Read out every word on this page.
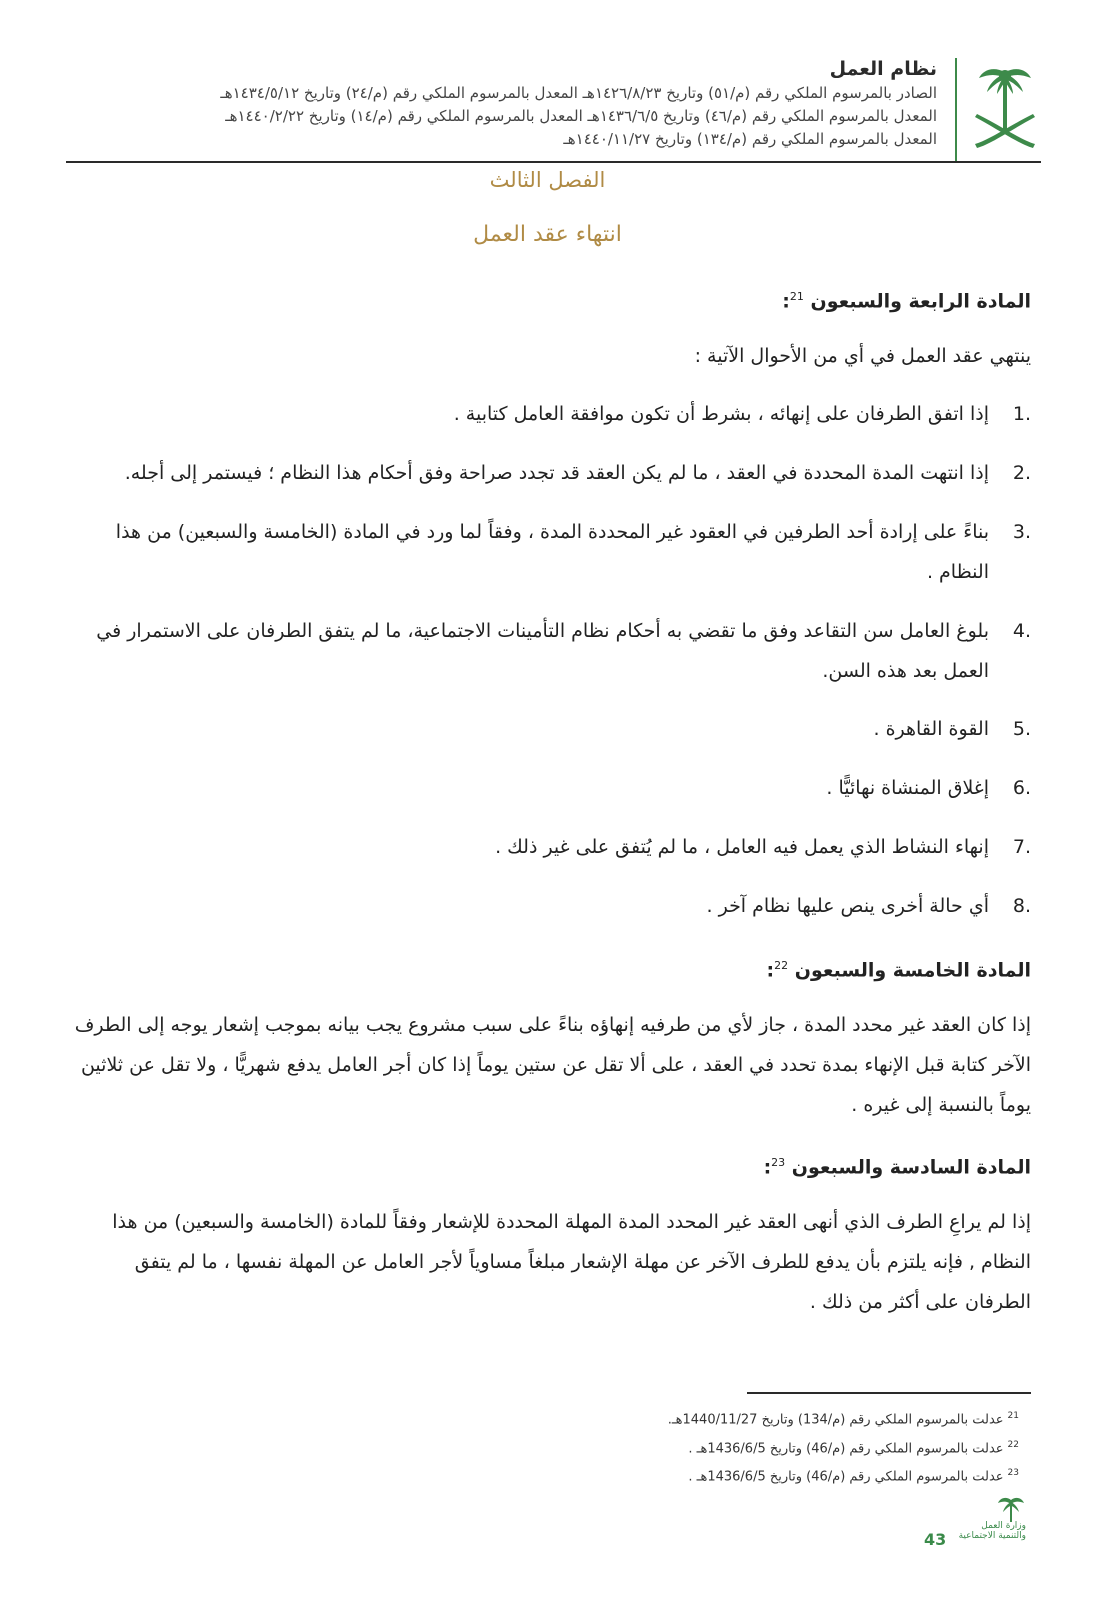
نظام العمل
الصادر بالمرسوم الملكي رقم (م/٥١) وتاريخ ١٤٢٦/٨/٢٣هـ المعدل بالمرسوم الملكي رقم (م/٢٤) وتاريخ ١٤٣٤/٥/١٢هـ
المعدل بالمرسوم الملكي رقم (م/٤٦) وتاريخ ١٤٣٦/٦/٥هـ المعدل بالمرسوم الملكي رقم (م/١٤) وتاريخ ١٤٤٠/٢/٢٢هـ
المعدل بالمرسوم الملكي رقم (م/١٣٤) وتاريخ ١٤٤٠/١١/٢٧هـ
الفصل الثالث
انتهاء عقد العمل
المادة الرابعة والسبعون $^{21}$:
ينتهي عقد العمل في أي من الأحوال الآتية :
1.
إذا اتفق الطرفان على إنهائه ، بشرط أن تكون موافقة العامل كتابية .
2.
إذا انتهت المدة المحددة في العقد ، ما لم يكن العقد قد تجدد صراحة وفق أحكام هذا النظام ؛ فيستمر إلى أجله.
3.
بناءً على إرادة أحد الطرفين في العقود غير المحددة المدة ، وفقاً لما ورد في المادة (الخامسة والسبعين) من هذا النظام .
4.
بلوغ العامل سن التقاعد وفق ما تقضي به أحكام نظام التأمينات الاجتماعية، ما لم يتفق الطرفان على الاستمرار في العمل بعد هذه السن.
5.
القوة القاهرة .
6.
إغلاق المنشاة نهائيًّا .
7.
إنهاء النشاط الذي يعمل فيه العامل ، ما لم يُتفق على غير ذلك .
8.
أي حالة أخرى ينص عليها نظام آخر .
المادة الخامسة والسبعون $^{22}$:
إذا كان العقد غير محدد المدة ، جاز لأي من طرفيه إنهاؤه بناءً على سبب مشروع يجب بيانه بموجب إشعار يوجه إلى الطرف الآخر كتابة قبل الإنهاء بمدة تحدد في العقد ، على ألا تقل عن ستين يوماً إذا كان أجر العامل يدفع شهريًّا ، ولا تقل عن ثلاثين يوماً بالنسبة إلى غيره .
المادة السادسة والسبعون $^{23}$:
إذا لم يراعِ الطرف الذي أنهى العقد غير المحدد المدة المهلة المحددة للإشعار وفقاً للمادة (الخامسة والسبعين) من هذا النظام , فإنه يلتزم بأن يدفع للطرف الآخر عن مهلة الإشعار مبلغاً مساوياً لأجر العامل عن المهلة نفسها ، ما لم يتفق الطرفان على أكثر من ذلك .
$^{21}$عدلت بالمرسوم الملكي رقم (م/134) وتاريخ 1440/11/27هـ.
$^{22}$عدلت بالمرسوم الملكي رقم (م/46) وتاريخ 1436/6/5هـ .
$^{23}$عدلت بالمرسوم الملكي رقم (م/46) وتاريخ 1436/6/5هـ .
وزارة العمل
والتنمية الاجتماعية
43
